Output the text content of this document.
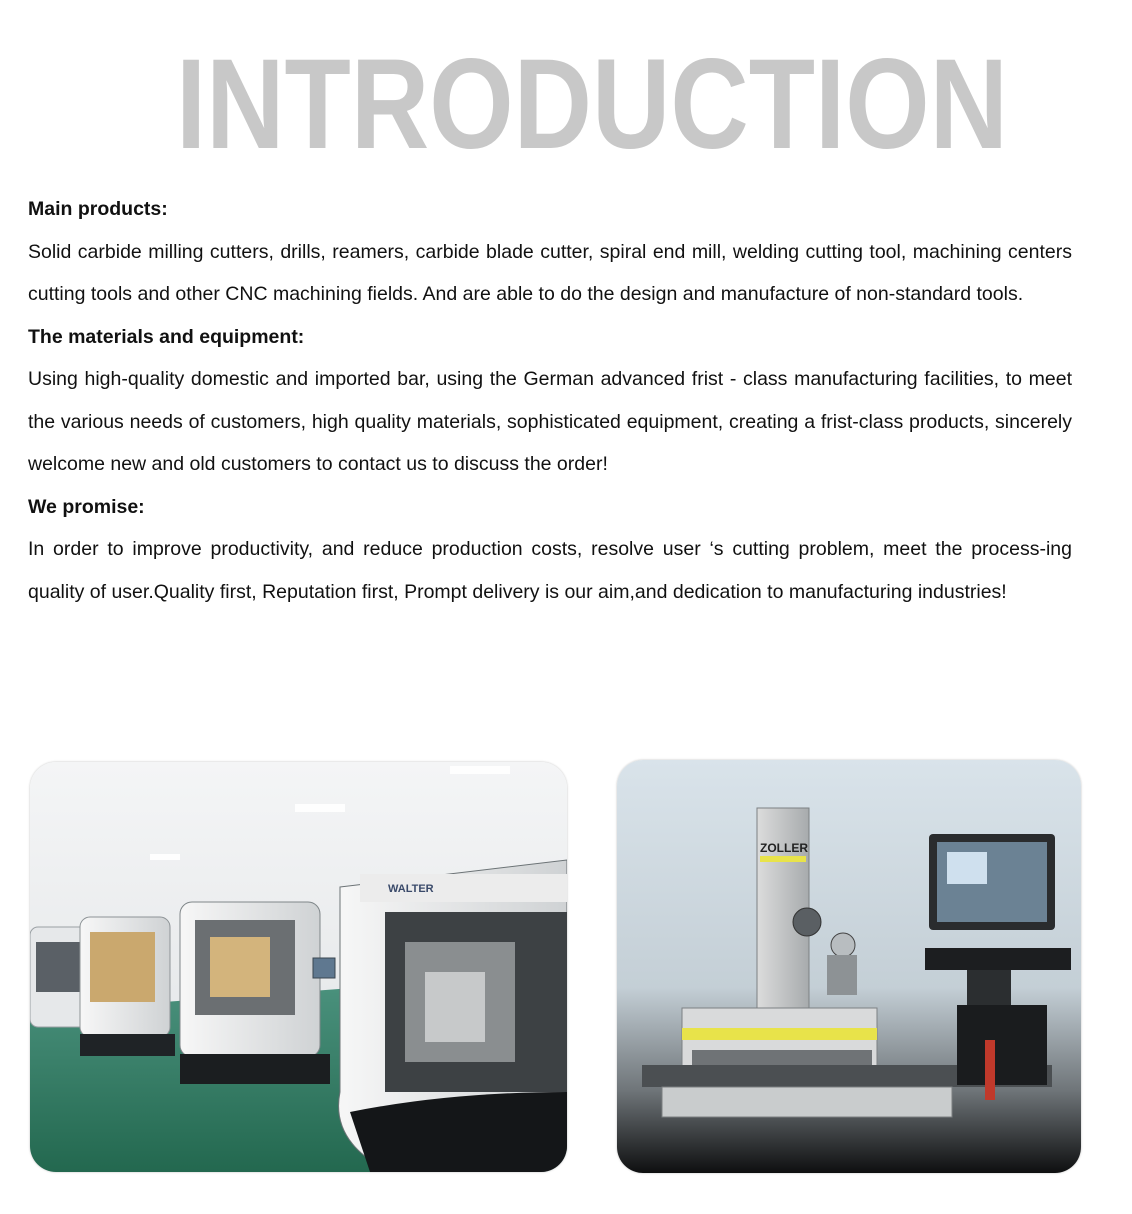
INTRODUCTION

Main products:

Solid carbide milling cutters, drills, reamers, carbide blade cutter, spiral end mill, welding cutting tool, machining centers cutting tools and other CNC machining fields. And are able to do the design and manufacture of non-standard tools.

The materials and equipment:

Using high-quality domestic and imported bar, using the German advanced frist - class manufacturing facilities, to meet the various needs of customers, high quality materials, sophisticated equipment, creating a frist-class products, sincerely welcome new and old customers to contact us to discuss the order!

We promise:

In order to improve productivity, and reduce production costs, resolve user ‘s cutting problem, meet the process-ing quality of user.Quality first, Reputation first, Prompt delivery is our aim,and dedication to manufacturing industries!

WALTER
ZOLLER
